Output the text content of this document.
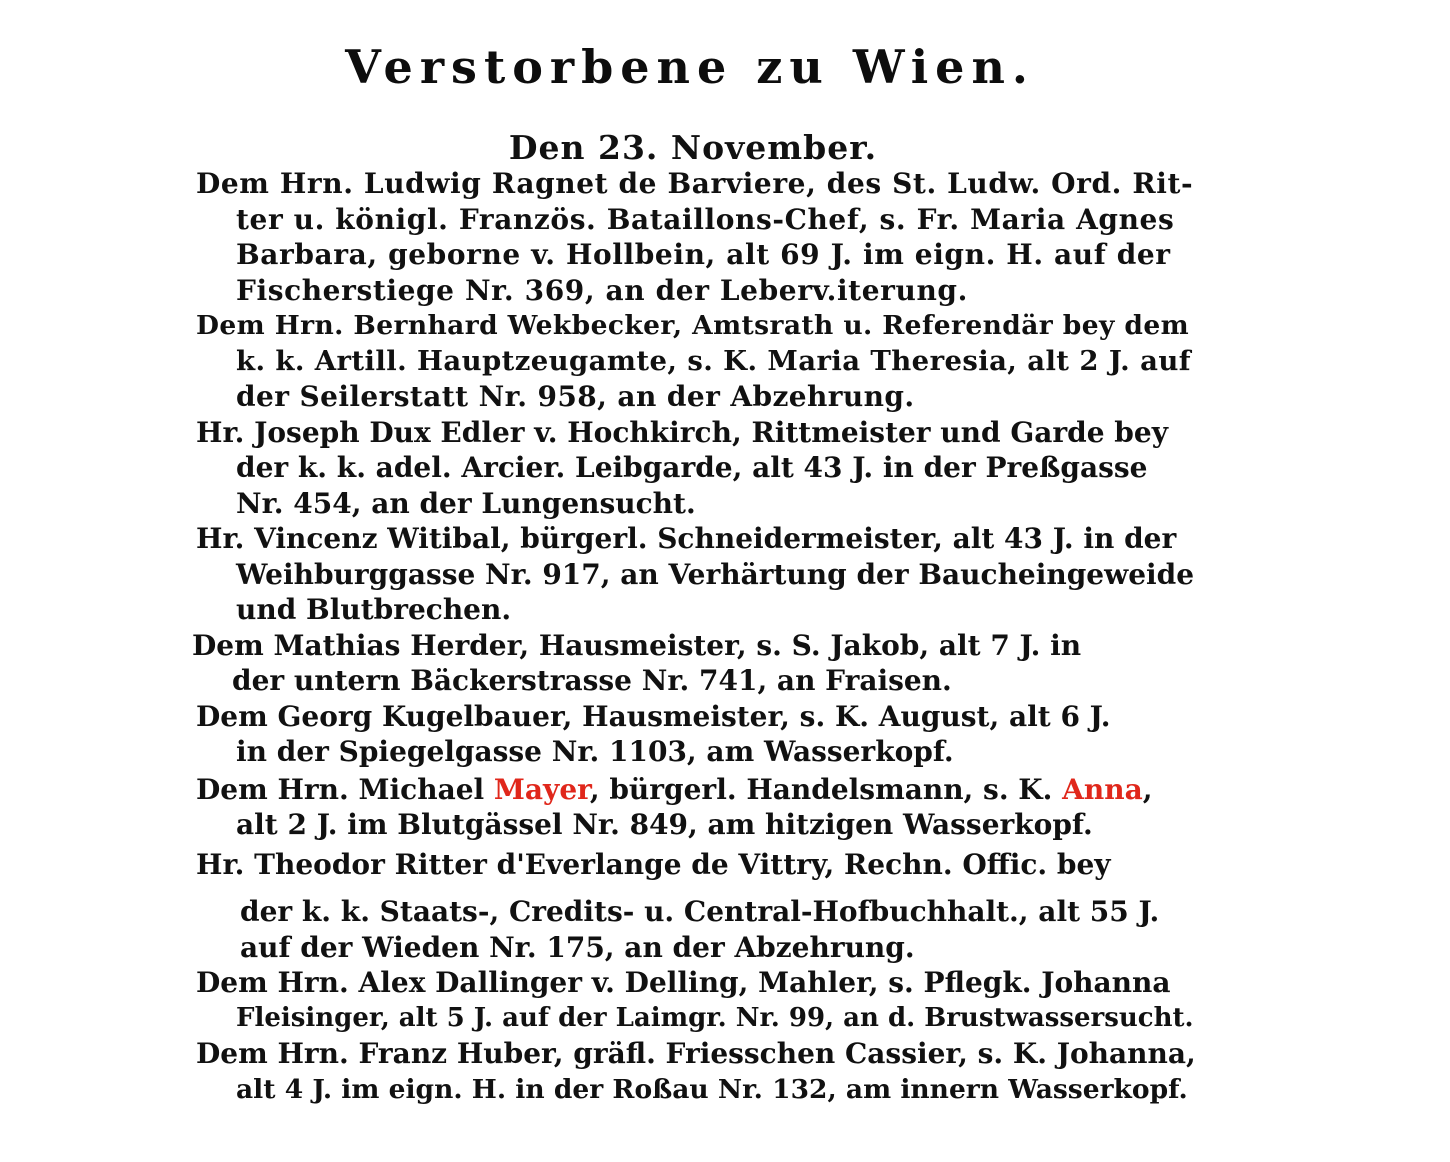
Verstorbene zu Wien.
Den 23. November.
Dem Hrn. Ludwig Ragnet de Barviere, des St. Ludw. Ord. Rit-
ter u. königl. Französ. Bataillons-Chef, s. Fr. Maria Agnes
Barbara, geborne v. Hollbein, alt 69 J. im eign. H. auf der
Fischerstiege Nr. 369, an der Leberv.iterung.
Dem Hrn. Bernhard Wekbecker, Amtsrath u. Referendär bey dem
k. k. Artill. Hauptzeugamte, s. K. Maria Theresia, alt 2 J. auf
der Seilerstatt Nr. 958, an der Abzehrung.
Hr. Joseph Dux Edler v. Hochkirch, Rittmeister und Garde bey
der k. k. adel. Arcier. Leibgarde, alt 43 J. in der Preßgasse
Nr. 454, an der Lungensucht.
Hr. Vincenz Witibal, bürgerl. Schneidermeister, alt 43 J. in der
Weihburggasse Nr. 917, an Verhärtung der Baucheingeweide
und Blutbrechen.
Dem Mathias Herder, Hausmeister, s. S. Jakob, alt 7 J. in
der untern Bäckerstrasse Nr. 741, an Fraisen.
Dem Georg Kugelbauer, Hausmeister, s. K. August, alt 6 J.
in der Spiegelgasse Nr. 1103, am Wasserkopf.
Dem Hrn. Michael Mayer, bürgerl. Handelsmann, s. K. Anna,
alt 2 J. im Blutgässel Nr. 849, am hitzigen Wasserkopf.
Hr. Theodor Ritter d'Everlange de Vittry, Rechn. Offic. bey
der k. k. Staats-, Credits- u. Central-Hofbuchhalt., alt 55 J.
auf der Wieden Nr. 175, an der Abzehrung.
Dem Hrn. Alex Dallinger v. Delling, Mahler, s. Pflegk. Johanna
Fleisinger, alt 5 J. auf der Laimgr. Nr. 99, an d. Brustwassersucht.
Dem Hrn. Franz Huber, gräfl. Friesschen Cassier, s. K. Johanna,
alt 4 J. im eign. H. in der Roßau Nr. 132, am innern Wasserkopf.
